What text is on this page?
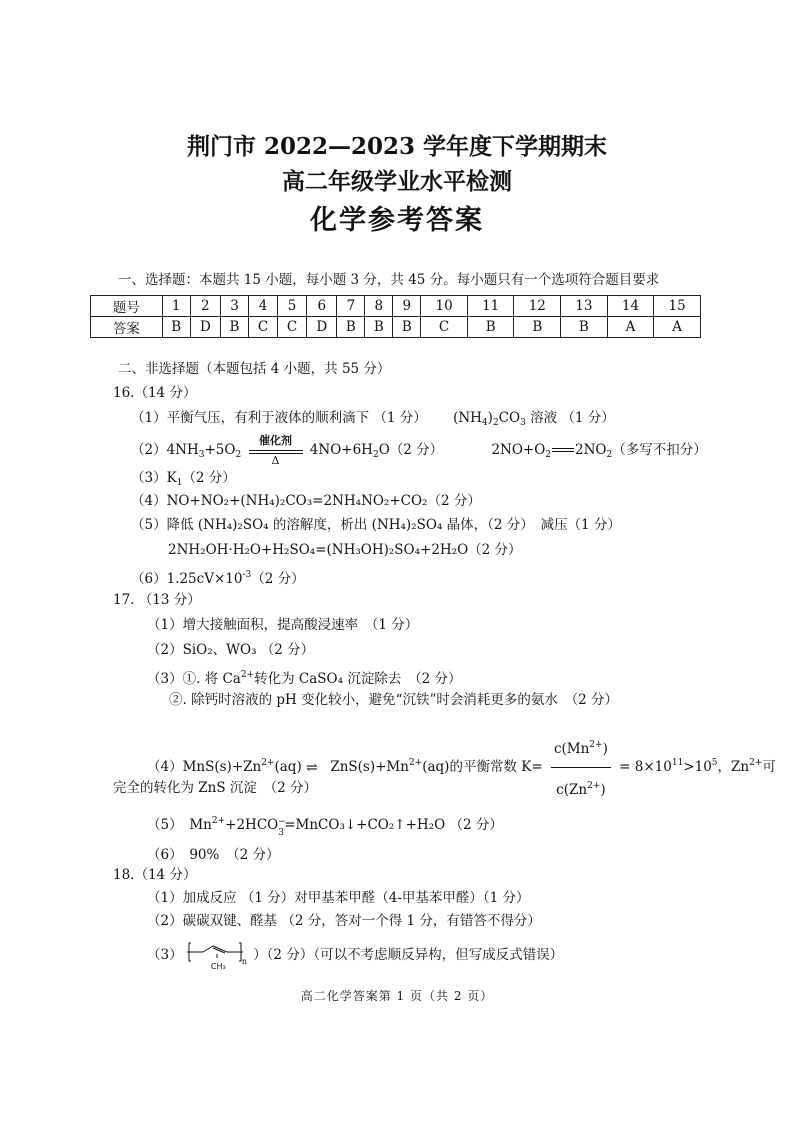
荆门市 2022—2023 学年度下学期期末
高二年级学业水平检测
化学参考答案
一、选择题：本题共 15 小题，每小题 3 分，共 45 分。每小题只有一个选项符合题目要求
题号	1	2	3	4	5	6	7	8	9	10	11	12	13	14	15
答案	B	D	B	C	C	D	B	B	B	C	B	B	B	A	A
二、非选择题（本题包括 4 小题，共 55 分）
16.（14 分）
（1）平衡气压，有利于液体的顺利滴下 （1 分） $(NH_4)_2CO_3$ 溶液 （1 分）
$(2)4NH_3+5O_2$
催化剂
Δ
$4NO+6H_2O(2$ 分）	$2NO+O_2$ $2NO_2$（多写不扣分）
$(3)K_1(2$ 分）
（4）NO+NO₂+(NH₄)₂CO₃=2NH₄NO₂+CO₂（2 分）
（5）降低 (NH₄)₂SO₄ 的溶解度，析出 (NH₄)₂SO₄ 晶体，（2 分）　减压（1 分）
2NH₂OH·H₂O+H₂SO₄=(NH₃OH)₂SO₄+2H₂O（2 分）
$(6)1.25cV\times 10^{-3}(2$ 分）
17. （13 分）
（1）增大接触面积，提高酸浸速率　（1 分）
（2）SiO₂、WO₃ （2 分）
（3）①. 将 $Ca^{2+}$转化为 CaSO₄ 沉淀除去　（2 分）
②. 除钙时溶液的 pH 变化较小，避免“沉铁”时会消耗更多的氨水　（2 分）
$(4)MnS(s)+Zn^{2+}(aq)$ ⇌ $ZnS(s)+Mn^{2+}(aq)$的平衡常数 $K= \frac{c(Mn^{2+})}{c(Zn^{2+})} = 8\times 10^{11}>10^5$，$Zn^{2+}$可
完全的转化为 ZnS 沉淀　（2 分）
（5）　$Mn^{2+}+2HCO$ −
3 =MnCO₃↓+CO₂↑+H₂O （2 分）
（6）　90%　（2 分）
18.（14 分）
（1）加成反应 （1 分）对甲基苯甲醛（4-甲基苯甲醛）（1 分）
（2）碳碳双键、醛基 （2 分，答对一个得 1 分，有错答不得分）
（3）	n
CH₃
）（2 分）（可以不考虑顺反异构，但写成反式错误）
高二化学答案第 1 页（共 2 页）
